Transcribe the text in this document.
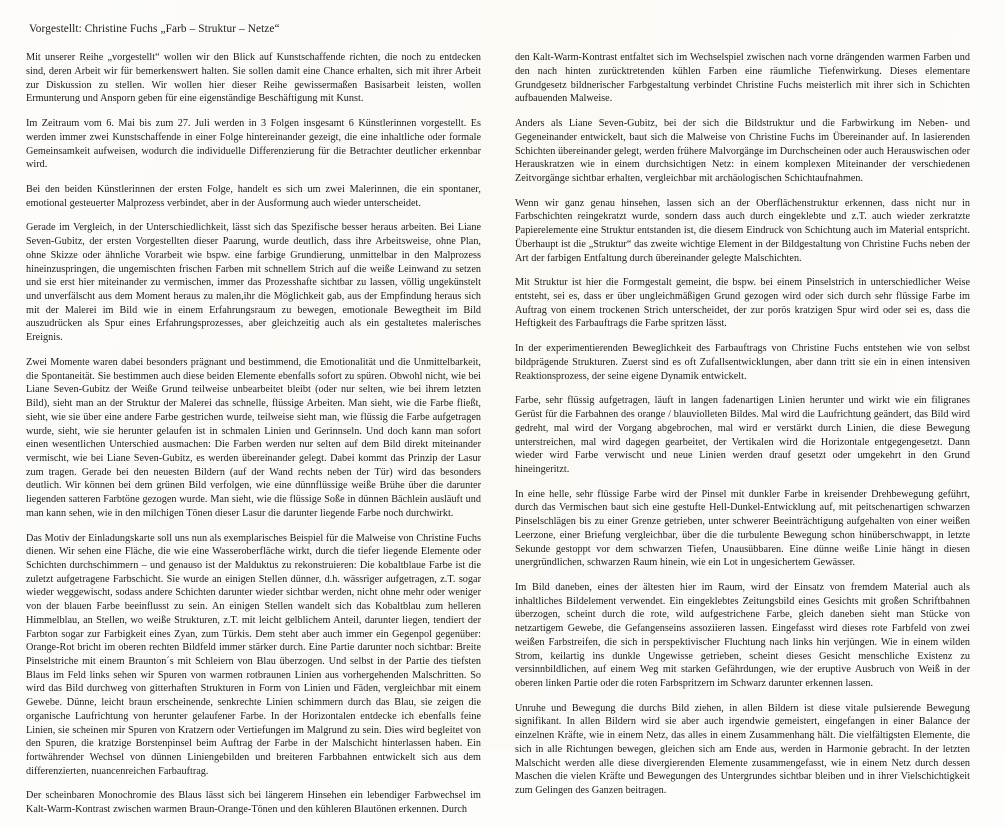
Vorgestellt: Christine Fuchs „Farb – Struktur – Netze“

Mit unserer Reihe „vorgestellt“ wollen wir den Blick auf Kunstschaffende richten, die noch zu entdecken sind, deren Arbeit wir für bemerkenswert halten. Sie sollen damit eine Chance erhalten, sich mit ihrer Arbeit zur Diskussion zu stellen. Wir wollen hier dieser Reihe gewissermaßen Basisarbeit leisten, wollen Ermunterung und Ansporn geben für eine eigenständige Beschäftigung mit Kunst.

Im Zeitraum vom 6. Mai bis zum 27. Juli werden in 3 Folgen insgesamt 6 Künstlerinnen vorgestellt. Es werden immer zwei Kunstschaffende in einer Folge hintereinander gezeigt, die eine inhaltliche oder formale Gemeinsamkeit aufweisen, wodurch die individuelle Differenzierung für die Betrachter deutlicher erkennbar wird.

Bei den beiden Künstlerinnen der ersten Folge, handelt es sich um zwei Malerinnen, die ein spontaner, emotional gesteuerter Malprozess verbindet, aber in der Ausformung auch wieder unterscheidet.

Gerade im Vergleich, in der Unterschiedlichkeit, lässt sich das Spezifische besser heraus arbeiten. Bei Liane Seven-Gubitz, der ersten Vorgestellten dieser Paarung, wurde deutlich, dass ihre Arbeitsweise, ohne Plan, ohne Skizze oder ähnliche Vorarbeit wie bspw. eine farbige Grundierung, unmittelbar in den Malprozess hineinzuspringen, die ungemischten frischen Farben mit schnellem Strich auf die weiße Leinwand zu setzen und sie erst hier miteinander zu vermischen, immer das Prozesshafte sichtbar zu lassen, völlig ungekünstelt und unverfälscht aus dem Moment heraus zu malen,ihr die Möglichkeit gab, aus der Empfindung heraus sich mit der Malerei im Bild wie in einem Erfahrungsraum zu bewegen, emotionale Bewegtheit im Bild auszudrücken als Spur eines Erfahrungsprozesses, aber gleichzeitig auch als ein gestaltetes malerisches Ereignis.

Zwei Momente waren dabei besonders prägnant und bestimmend, die Emotionalität und die Unmittelbarkeit, die Spontaneität. Sie bestimmen auch diese beiden Elemente ebenfalls sofort zu spüren. Obwohl nicht, wie bei Liane Seven-Gubitz der Weiße Grund teilweise unbearbeitet bleibt (oder nur selten, wie bei ihrem letzten Bild), sieht man an der Struktur der Malerei das schnelle, flüssige Arbeiten. Man sieht, wie die Farbe fließt, sieht, wie sie über eine andere Farbe gestrichen wurde, teilweise sieht man, wie flüssig die Farbe aufgetragen wurde, sieht, wie sie herunter gelaufen ist in schmalen Linien und Gerinnseln. Und doch kann man sofort einen wesentlichen Unterschied ausmachen: Die Farben werden nur selten auf dem Bild direkt miteinander vermischt, wie bei Liane Seven-Gubitz, es werden übereinander gelegt. Dabei kommt das Prinzip der Lasur zum tragen. Gerade bei den neuesten Bildern (auf der Wand rechts neben der Tür) wird das besonders deutlich. Wir können bei dem grünen Bild verfolgen, wie eine dünnflüssige weiße Brühe über die darunter liegenden satteren Farbtöne gezogen wurde. Man sieht, wie die flüssige Soße in dünnen Bächlein ausläuft und man kann sehen, wie in den milchigen Tönen dieser Lasur die darunter liegende Farbe noch durchwirkt.

Das Motiv der Einladungskarte soll uns nun als exemplarisches Beispiel für die Malweise von Christine Fuchs dienen. Wir sehen eine Fläche, die wie eine Wasseroberfläche wirkt, durch die tiefer liegende Elemente oder Schichten durchschimmern – und genauso ist der Malduktus zu rekonstruieren: Die kobaltblaue Farbe ist die zuletzt aufgetragene Farbschicht. Sie wurde an einigen Stellen dünner, d.h. wässriger aufgetragen, z.T. sogar wieder weggewischt, sodass andere Schichten darunter wieder sichtbar werden, nicht ohne mehr oder weniger von der blauen Farbe beeinflusst zu sein. An einigen Stellen wandelt sich das Kobaltblau zum helleren Himmelblau, an Stellen, wo weiße Strukturen, z.T. mit leicht gelblichem Anteil, darunter liegen, tendiert der Farbton sogar zur Farbigkeit eines Zyan, zum Türkis. Dem steht aber auch immer ein Gegenpol gegenüber: Orange-Rot bricht im oberen rechten Bildfeld immer stärker durch. Eine Partie darunter noch sichtbar: Breite Pinselstriche mit einem Braunton´s mit Schleiern von Blau überzogen. Und selbst in der Partie des tiefsten Blaus im Feld links sehen wir Spuren von warmen rotbraunen Linien aus vorhergehenden Malschritten. So wird das Bild durchweg von gitterhaften Strukturen in Form von Linien und Fäden, vergleichbar mit einem Gewebe. Dünne, leicht braun erscheinende, senkrechte Linien schimmern durch das Blau, sie zeigen die organische Laufrichtung von herunter gelaufener Farbe. In der Horizontalen entdecke ich ebenfalls feine Linien, sie scheinen mir Spuren von Kratzern oder Vertiefungen im Malgrund zu sein. Dies wird begleitet von den Spuren, die kratzige Borstenpinsel beim Auftrag der Farbe in der Malschicht hinterlassen haben. Ein fortwährender Wechsel von dünnen Liniengebilden und breiteren Farbbahnen entwickelt sich aus dem differenzierten, nuancenreichen Farbauftrag.

Der scheinbaren Monochromie des Blaus lässt sich bei längerem Hinsehen ein lebendiger Farbwechsel im Kalt-Warm-Kontrast zwischen warmen Braun-Orange-Tönen und den kühleren Blautönen erkennen. Durch

den Kalt-Warm-Kontrast entfaltet sich im Wechselspiel zwischen nach vorne drängenden warmen Farben und den nach hinten zurücktretenden kühlen Farben eine räumliche Tiefenwirkung. Dieses elementare Grundgesetz bildnerischer Farbgestaltung verbindet Christine Fuchs meisterlich mit ihrer sich in Schichten aufbauenden Malweise.

Anders als Liane Seven-Gubitz, bei der sich die Bildstruktur und die Farbwirkung im Neben- und Gegeneinander entwickelt, baut sich die Malweise von Christine Fuchs im Übereinander auf. In lasierenden Schichten übereinander gelegt, werden frühere Malvorgänge im Durchscheinen oder auch Herauswischen oder Herauskratzen wie in einem durchsichtigen Netz: in einem komplexen Miteinander der verschiedenen Zeitvorgänge sichtbar erhalten, vergleichbar mit archäologischen Schichtaufnahmen.

Wenn wir ganz genau hinsehen, lassen sich an der Oberflächenstruktur erkennen, dass nicht nur in Farbschichten reingekratzt wurde, sondern dass auch durch eingeklebte und z.T. auch wieder zerkratzte Papierelemente eine Struktur entstanden ist, die diesem Eindruck von Schichtung auch im Material entspricht. Überhaupt ist die „Struktur“ das zweite wichtige Element in der Bildgestaltung von Christine Fuchs neben der Art der farbigen Entfaltung durch übereinander gelegte Malschichten.

Mit Struktur ist hier die Formgestalt gemeint, die bspw. bei einem Pinselstrich in unterschiedlicher Weise entsteht, sei es, dass er über ungleichmäßigen Grund gezogen wird oder sich durch sehr flüssige Farbe im Auftrag von einem trockenen Strich unterscheidet, der zur porös kratzigen Spur wird oder sei es, dass die Heftigkeit des Farbauftrags die Farbe spritzen lässt.

In der experimentierenden Beweglichkeit des Farbauftrags von Christine Fuchs entstehen wie von selbst bildprägende Strukturen. Zuerst sind es oft Zufallsentwicklungen, aber dann tritt sie ein in einen intensiven Reaktionsprozess, der seine eigene Dynamik entwickelt.

Farbe, sehr flüssig aufgetragen, läuft in langen fadenartigen Linien herunter und wirkt wie ein filigranes Gerüst für die Farbahnen des orange / blauviolleten Bildes. Mal wird die Laufrichtung geändert, das Bild wird gedreht, mal wird der Vorgang abgebrochen, mal wird er verstärkt durch Linien, die diese Bewegung unterstreichen, mal wird dagegen gearbeitet, der Vertikalen wird die Horizontale entgegengesetzt. Dann wieder wird Farbe verwischt und neue Linien werden drauf gesetzt oder umgekehrt in den Grund hineingeritzt.

In eine helle, sehr flüssige Farbe wird der Pinsel mit dunkler Farbe in kreisender Drehbewegung geführt, durch das Vermischen baut sich eine gestufte Hell-Dunkel-Entwicklung auf, mit peitschenartigen schwarzen Pinselschlägen bis zu einer Grenze getrieben, unter schwerer Beeinträchtigung aufgehalten von einer weißen Leerzone, einer Briefung vergleichbar, über die die turbulente Bewegung schon hinüberschwappt, in letzte Sekunde gestoppt vor dem schwarzen Tiefen, Unausübbaren. Eine dünne weiße Linie hängt in diesen unergründlichen, schwarzen Raum hinein, wie ein Lot in ungesichertem Gewässer.

Im Bild daneben, eines der ältesten hier im Raum, wird der Einsatz von fremdem Material auch als inhaltliches Bildelement verwendet. Ein eingeklebtes Zeitungsbild eines Gesichts mit großen Schriftbahnen überzogen, scheint durch die rote, wild aufgestrichene Farbe, gleich daneben sieht man Stücke von netzartigem Gewebe, die Gefangenseins assoziieren lassen. Eingefasst wird dieses rote Farbfeld von zwei weißen Farbstreifen, die sich in perspektivischer Fluchtung nach links hin verjüngen. Wie in einem wilden Strom, keilartig ins dunkle Ungewisse getrieben, scheint dieses Gesicht menschliche Existenz zu versinnbildlichen, auf einem Weg mit starken Gefährdungen, wie der eruptive Ausbruch von Weiß in der oberen linken Partie oder die roten Farbspritzern im Schwarz darunter erkennen lassen.

Unruhe und Bewegung die durchs Bild ziehen, in allen Bildern ist diese vitale pulsierende Bewegung signifikant. In allen Bildern wird sie aber auch irgendwie gemeistert, eingefangen in einer Balance der einzelnen Kräfte, wie in einem Netz, das alles in einem Zusammenhang hält. Die vielfältigsten Elemente, die sich in alle Richtungen bewegen, gleichen sich am Ende aus, werden in Harmonie gebracht. In der letzten Malschicht werden alle diese divergierenden Elemente zusammengefasst, wie in einem Netz durch dessen Maschen die vielen Kräfte und Bewegungen des Untergrundes sichtbar bleiben und in ihrer Vielschichtigkeit zum Gelingen des Ganzen beitragen.
